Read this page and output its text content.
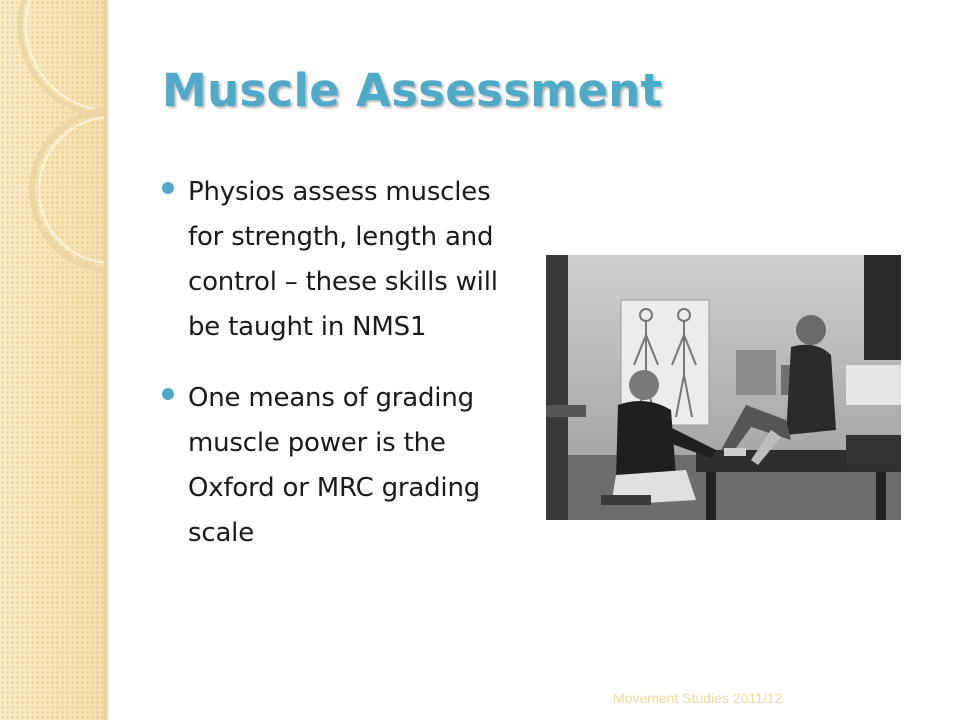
Muscle Assessment
Physios assess muscles for strength, length and control – these skills will be taught in NMS1
One means of grading muscle power is the Oxford or MRC grading scale
Movement Studies 2011/12
